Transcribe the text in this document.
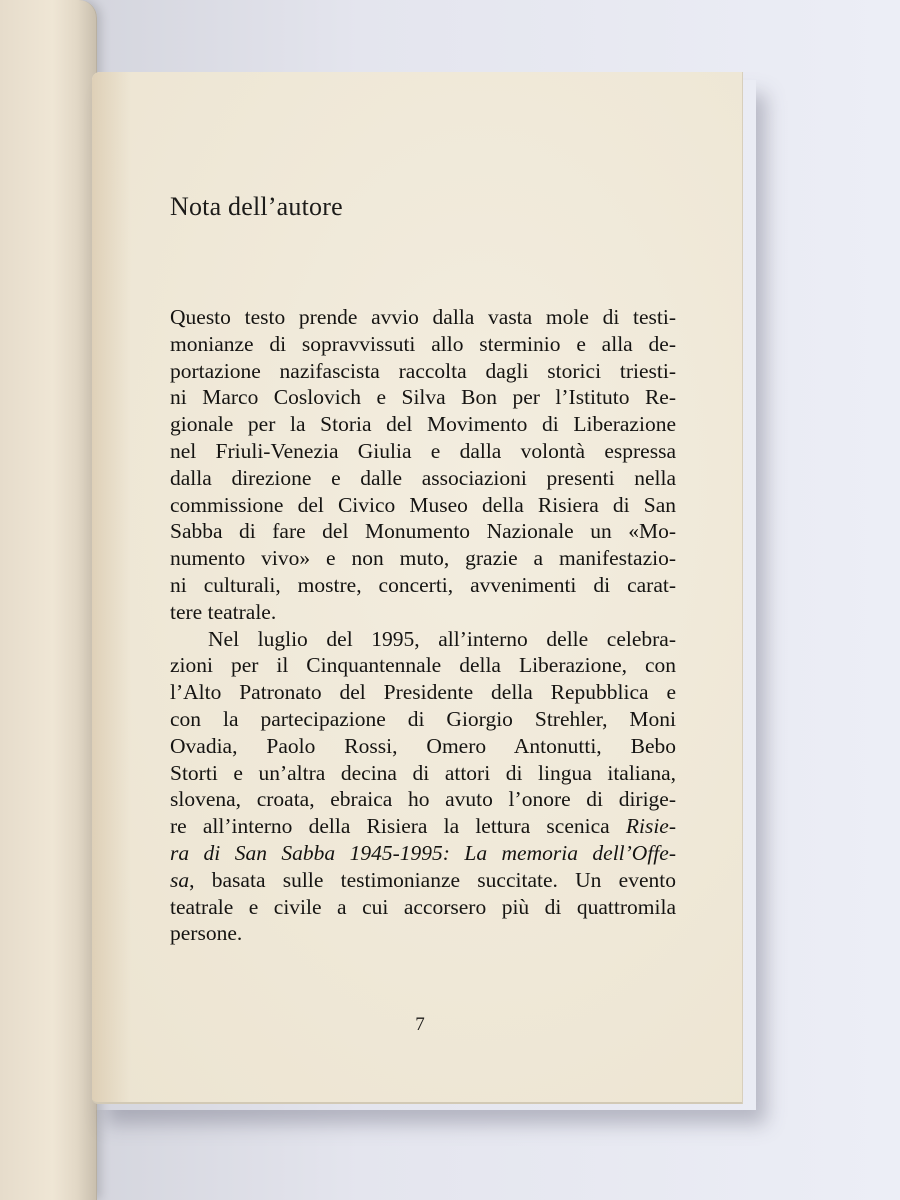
Nota dell’autore
Questo testo prende avvio dalla vasta mole di testi-
monianze di sopravvissuti allo sterminio e alla de-
portazione nazifascista raccolta dagli storici triesti-
ni Marco Coslovich e Silva Bon per l’Istituto Re-
gionale per la Storia del Movimento di Liberazione
nel Friuli-Venezia Giulia e dalla volontà espressa
dalla direzione e dalle associazioni presenti nella
commissione del Civico Museo della Risiera di San
Sabba di fare del Monumento Nazionale un «Mo-
numento vivo» e non muto, grazie a manifestazio-
ni culturali, mostre, concerti, avvenimenti di carat-
tere teatrale.
Nel luglio del 1995, all’interno delle celebra-
zioni per il Cinquantennale della Liberazione, con
l’Alto Patronato del Presidente della Repubblica e
con la partecipazione di Giorgio Strehler, Moni
Ovadia, Paolo Rossi, Omero Antonutti, Bebo
Storti e un’altra decina di attori di lingua italiana,
slovena, croata, ebraica ho avuto l’onore di dirige-
re all’interno della Risiera la lettura scenica Risie-
ra di San Sabba 1945-1995: La memoria dell’Offe-
sa, basata sulle testimonianze succitate. Un evento
teatrale e civile a cui accorsero più di quattromila
persone.
7
